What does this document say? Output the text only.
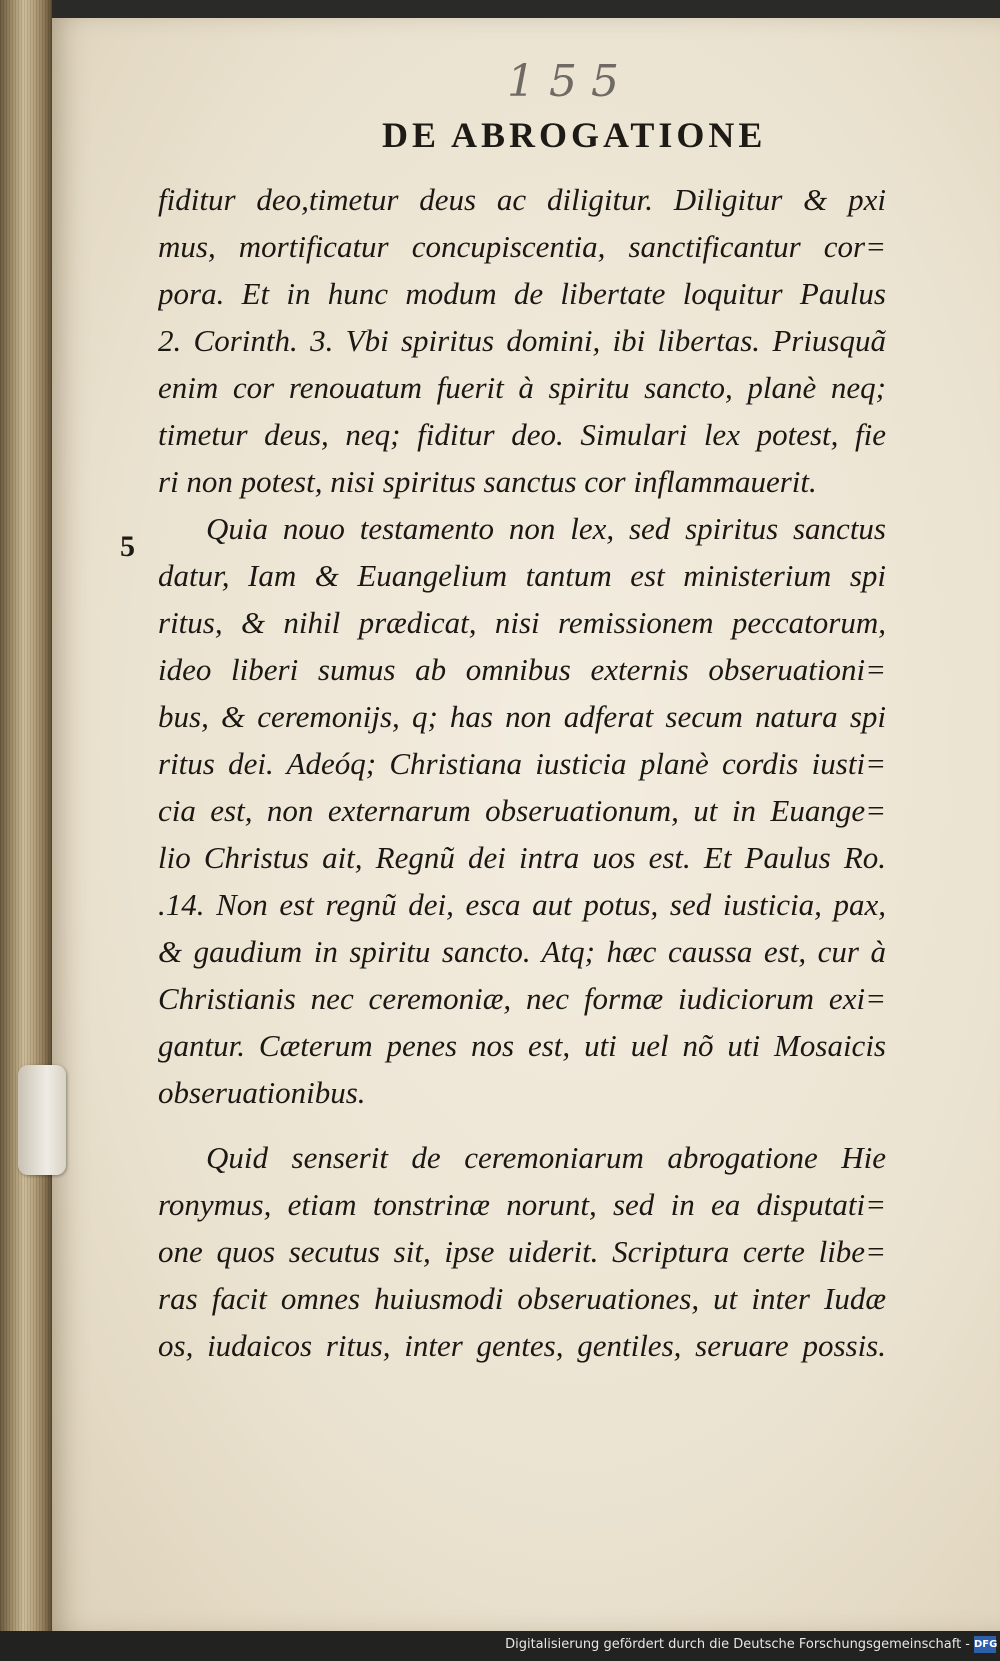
155
DE ABROGATIONE
5
fiditur deo,timetur deus ac diligitur. Diligitur & pxi
mus, mortificatur concupiscentia, sanctificantur cor=
pora. Et in hunc modum de libertate loquitur Paulus
2. Corinth. 3. Vbi spiritus domini, ibi libertas. Priusquã
enim cor renouatum fuerit à spiritu sancto, planè neq;
timetur deus, neq; fiditur deo. Simulari lex potest, fie
ri non potest, nisi spiritus sanctus cor inflammauerit.
Quia nouo testamento non lex, sed spiritus sanctus
datur, Iam & Euangelium tantum est ministerium spi
ritus, & nihil prædicat, nisi remissionem peccatorum,
ideo liberi sumus ab omnibus externis obseruationi=
bus, & ceremonijs, q; has non adferat secum natura spi
ritus dei. Adeóq; Christiana iusticia planè cordis iusti=
cia est, non externarum obseruationum, ut in Euange=
lio Christus ait, Regnũ dei intra uos est. Et Paulus Ro.
.14. Non est regnũ dei, esca aut potus, sed iusticia, pax,
& gaudium in spiritu sancto. Atq; hæc caussa est, cur à
Christianis nec ceremoniæ, nec formæ iudiciorum exi=
gantur. Cæterum penes nos est, uti uel nõ uti Mosaicis
obseruationibus.
Quid senserit de ceremoniarum abrogatione Hie
ronymus, etiam tonstrinæ norunt, sed in ea disputati=
one quos secutus sit, ipse uiderit. Scriptura certe libe=
ras facit omnes huiusmodi obseruationes, ut inter Iudæ
os, iudaicos ritus, inter gentes, gentiles, seruare possis.
Digitalisierung gefördert durch die Deutsche Forschungsgemeinschaft - DFG
